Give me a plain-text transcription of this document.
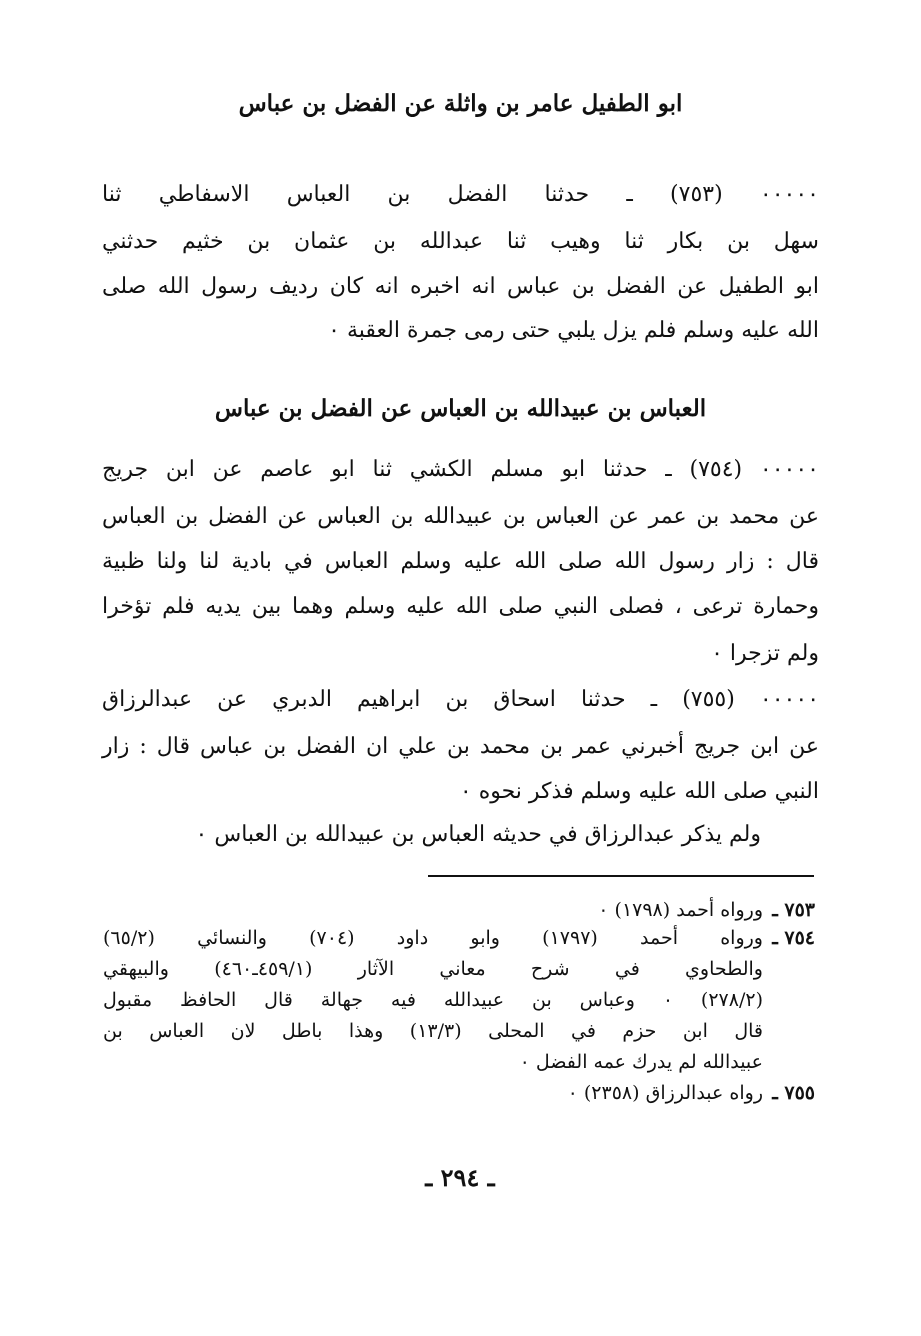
ابو الطفيل عامر بن واثلة عن الفضل بن عباس
٠٠٠٠٠ (٧٥٣) ـ حدثنا الفضل بن العباس الاسفاطي ثنا
سهل بن بكار ثنا وهيب ثنا عبدالله بن عثمان بن خثيم حدثني
ابو الطفيل عن الفضل بن عباس انه اخبره انه كان رديف رسول الله صلى
الله عليه وسلم فلم يزل يلبي حتى رمى جمرة العقبة ٠
العباس بن عبيدالله بن العباس عن الفضل بن عباس
٠٠٠٠٠ (٧٥٤) ـ حدثنا ابو مسلم الكشي ثنا ابو عاصم عن ابن جريج
عن محمد بن عمر عن العباس بن عبيدالله بن العباس عن الفضل بن العباس
قال : زار رسول الله صلى الله عليه وسلم العباس في بادية لنا ولنا ظبية
وحمارة ترعى ، فصلى النبي صلى الله عليه وسلم وهما بين يديه فلم تؤخرا
ولم تزجرا ٠
٠٠٠٠٠ (٧٥٥) ـ حدثنا اسحاق بن ابراهيم الدبري عن عبدالرزاق
عن ابن جريج أخبرني عمر بن محمد بن علي ان الفضل بن عباس قال : زار
النبي صلى الله عليه وسلم فذكر نحوه ٠
ولم يذكر عبدالرزاق في حديثه العباس بن عبيدالله بن العباس ٠
٧٥٣ ـ
ورواه أحمد (١٧٩٨) ٠
٧٥٤ ـ
ورواه أحمد (١٧٩٧) وابو داود (٧٠٤) والنسائي (٦٥/٢)
والطحاوي في شرح معاني الآثار (٤٥٩/١ـ٤٦٠) والبيهقي
(٢٧٨/٢) ٠ وعباس بن عبيدالله فيه جهالة قال الحافظ مقبول
قال ابن حزم في المحلى (١٣/٣) وهذا باطل لان العباس بن
عبيدالله لم يدرك عمه الفضل ٠
٧٥٥ ـ
رواه عبدالرزاق (٢٣٥٨) ٠
ـ ٢٩٤ ـ
